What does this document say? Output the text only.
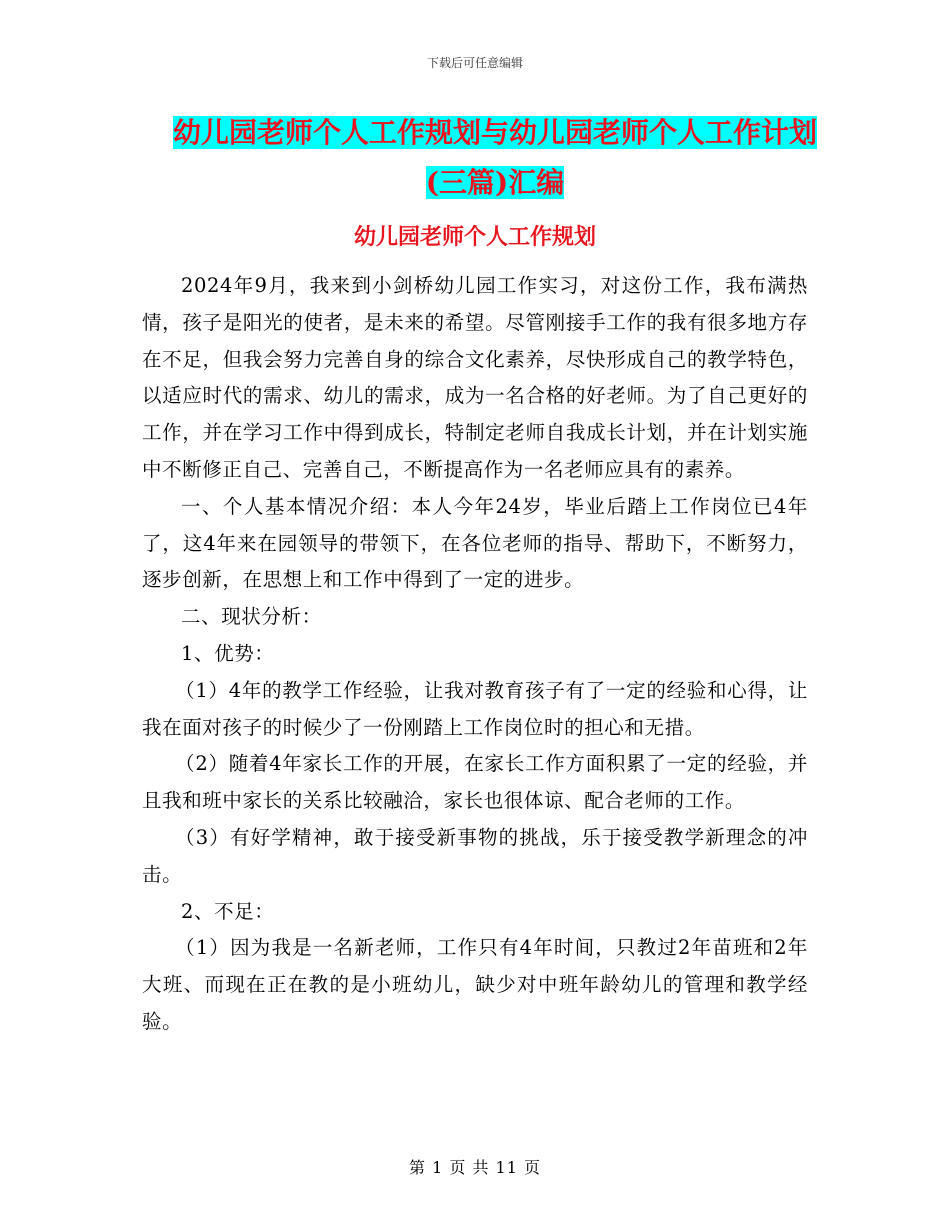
下载后可任意编辑
幼儿园老师个人工作规划与幼儿园老师个人工作计划
(三篇)汇编
幼儿园老师个人工作规划

2024年9月，我来到小剑桥幼儿园工作实习，对这份工作，我布满热情，孩子是阳光的使者，是未来的希望。尽管刚接手工作的我有很多地方存在不足，但我会努力完善自身的综合文化素养，尽快形成自己的教学特色，以适应时代的需求、幼儿的需求，成为一名合格的好老师。为了自己更好的工作，并在学习工作中得到成长，特制定老师自我成长计划，并在计划实施中不断修正自己、完善自己，不断提高作为一名老师应具有的素养。

一、个人基本情况介绍：本人今年24岁，毕业后踏上工作岗位已4年了，这4年来在园领导的带领下，在各位老师的指导、帮助下，不断努力，逐步创新，在思想上和工作中得到了一定的进步。

二、现状分析：

1、优势：

（1）4年的教学工作经验，让我对教育孩子有了一定的经验和心得，让我在面对孩子的时候少了一份刚踏上工作岗位时的担心和无措。

（2）随着4年家长工作的开展，在家长工作方面积累了一定的经验，并且我和班中家长的关系比较融洽，家长也很体谅、配合老师的工作。

（3）有好学精神，敢于接受新事物的挑战，乐于接受教学新理念的冲击。

2、不足：

（1）因为我是一名新老师，工作只有4年时间，只教过2年苗班和2年大班、而现在正在教的是小班幼儿，缺少对中班年龄幼儿的管理和教学经验。

第 1 页 共 11 页
